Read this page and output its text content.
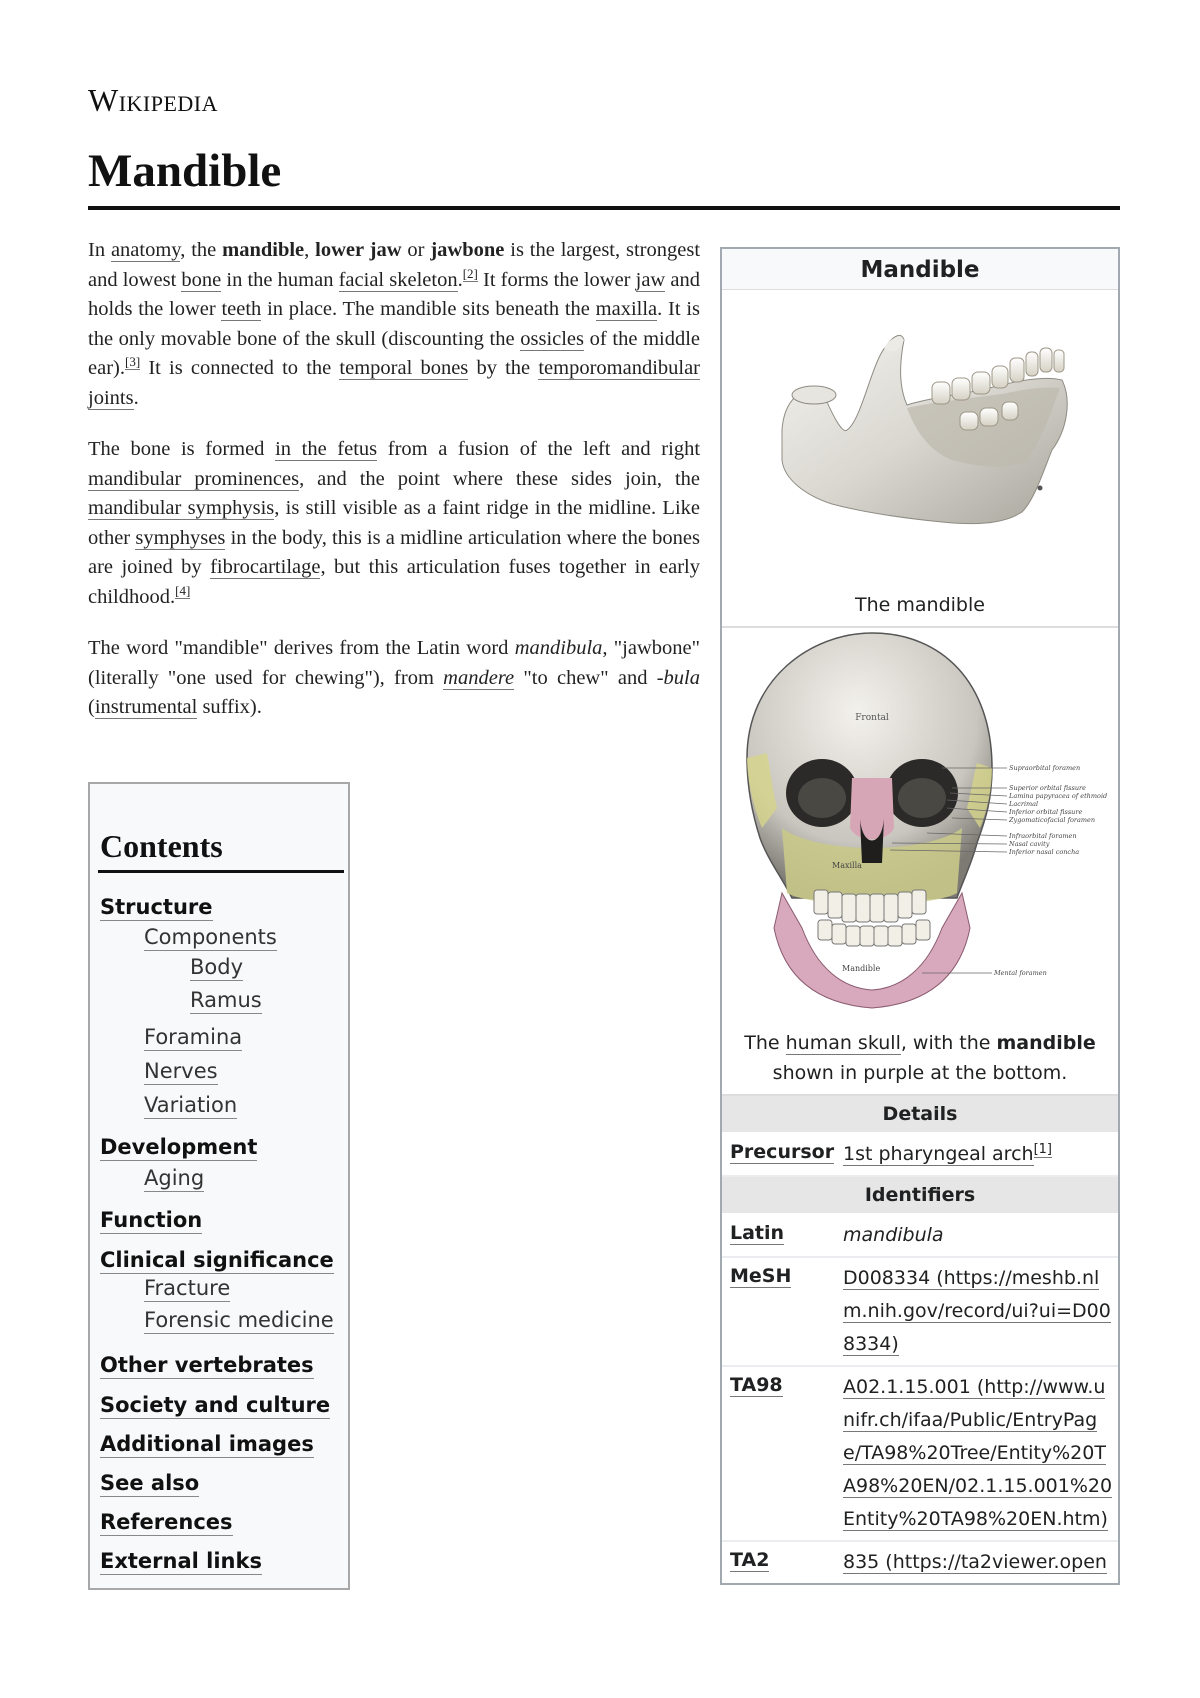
Wikipedia
Mandible

In anatomy, the mandible, lower jaw or jawbone is the largest, strongest and lowest bone in the human facial skeleton.[2] It forms the lower jaw and holds the lower teeth in place. The mandible sits beneath the maxilla. It is the only movable bone of the skull (discounting the ossicles of the middle ear).[3] It is connected to the temporal bones by the temporomandibular joints.

The bone is formed in the fetus from a fusion of the left and right mandibular prominences, and the point where these sides join, the mandibular symphysis, is still visible as a faint ridge in the midline. Like other symphyses in the body, this is a midline articulation where the bones are joined by fibrocartilage, but this articulation fuses together in early childhood.[4]

The word "mandible" derives from the Latin word mandibula, "jawbone" (literally "one used for chewing"), from mandere "to chew" and -bula (instrumental suffix).

Contents
Structure
Components
Body
Ramus
Foramina
Nerves
Variation
Development
Aging
Function
Clinical significance
Fracture
Forensic medicine
Other vertebrates
Society and culture
Additional images
See also
References
External links
Mandible
The mandible
Frontal
Maxilla
Mandible
Supraorbital foramen
Superior orbital fissure
Lamina papyracea of ethmoid
Lacrimal
Inferior orbital fissure
Zygomaticofacial foramen
Infraorbital foramen
Nasal cavity
Inferior nasal concha
Mental foramen
The human skull, with the mandible shown in purple at the bottom.
Details
Precursor 1st pharyngeal arch[1]
Identifiers
Latin	mandibula
MeSH	D008334 (https://meshb.nlm.nih.gov/record/ui?ui=D008334)
TA98	A02.1.15.001 (http://www.unifr.ch/ifaa/Public/EntryPage/TA98%20Tree/Entity%20TA98%20EN/02.1.15.001%20Entity%20TA98%20EN.htm)
TA2	835 (https://ta2viewer.open
